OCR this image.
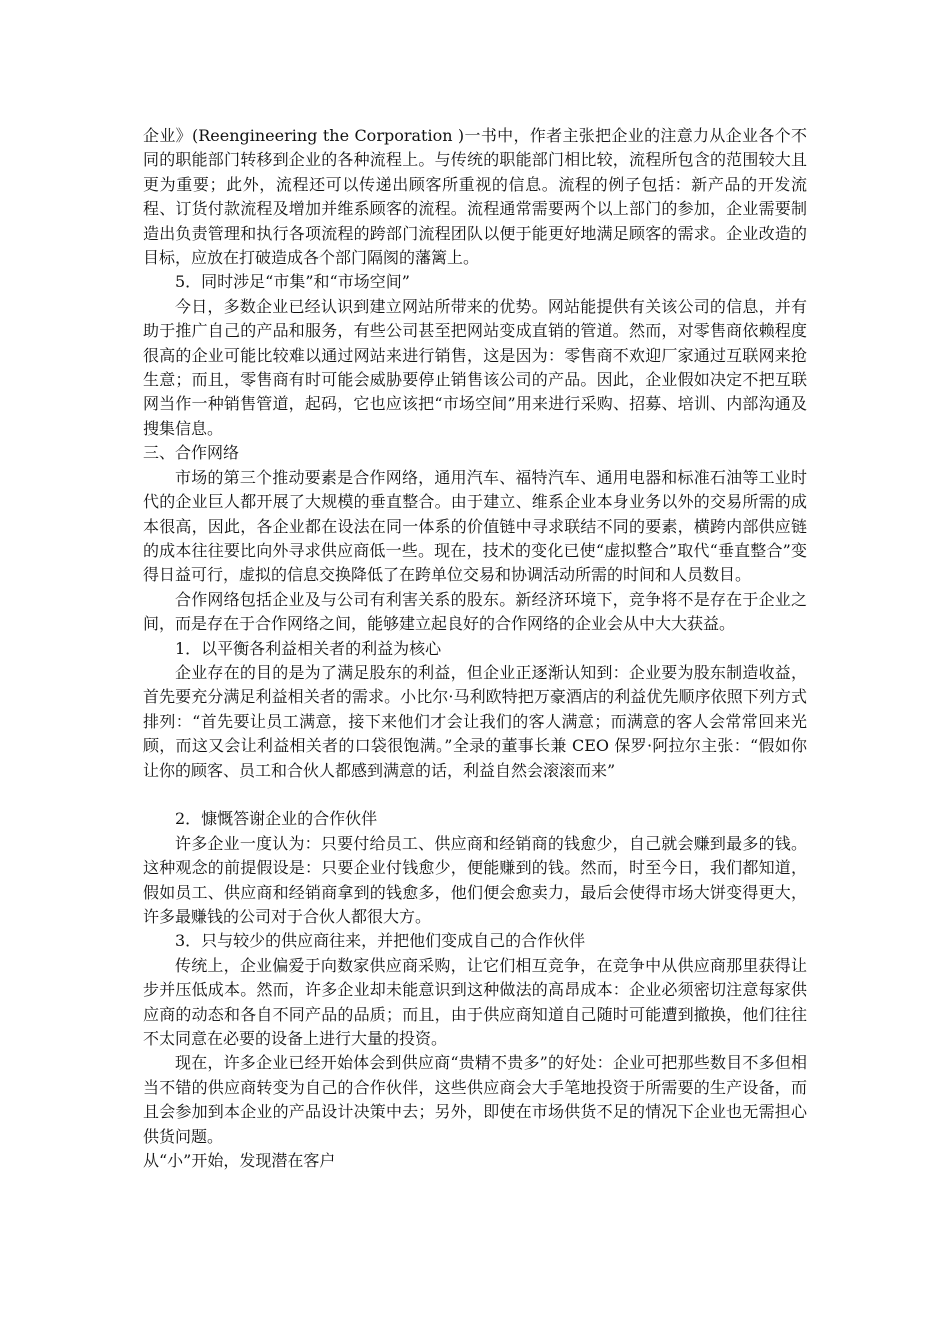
企业》(Reengineering the Corporation )一书中，作者主张把企业的注意力从企业各个不同的职能部门转移到企业的各种流程上。与传统的职能部门相比较，流程所包含的范围较大且更为重要；此外，流程还可以传递出顾客所重视的信息。流程的例子包括：新产品的开发流程、订货付款流程及增加并维系顾客的流程。流程通常需要两个以上部门的参加，企业需要制造出负责管理和执行各项流程的跨部门流程团队以便于能更好地满足顾客的需求。企业改造的目标，应放在打破造成各个部门隔阂的藩篱上。

5．同时涉足“市集”和“市场空间”

今日，多数企业已经认识到建立网站所带来的优势。网站能提供有关该公司的信息，并有助于推广自己的产品和服务，有些公司甚至把网站变成直销的管道。然而，对零售商依赖程度很高的企业可能比较难以通过网站来进行销售，这是因为：零售商不欢迎厂家通过互联网来抢生意；而且，零售商有时可能会威胁要停止销售该公司的产品。因此，企业假如决定不把互联网当作一种销售管道，起码，它也应该把“市场空间”用来进行采购、招募、培训、内部沟通及搜集信息。

三、合作网络

市场的第三个推动要素是合作网络，通用汽车、福特汽车、通用电器和标准石油等工业时代的企业巨人都开展了大规模的垂直整合。由于建立、维系企业本身业务以外的交易所需的成本很高，因此，各企业都在设法在同一体系的价值链中寻求联结不同的要素，横跨内部供应链的成本往往要比向外寻求供应商低一些。现在，技术的变化已使“虚拟整合”取代“垂直整合”变得日益可行，虚拟的信息交换降低了在跨单位交易和协调活动所需的时间和人员数目。

合作网络包括企业及与公司有利害关系的股东。新经济环境下，竞争将不是存在于企业之间，而是存在于合作网络之间，能够建立起良好的合作网络的企业会从中大大获益。

1．以平衡各利益相关者的利益为核心

企业存在的目的是为了满足股东的利益，但企业正逐渐认知到：企业要为股东制造收益，首先要充分满足利益相关者的需求。小比尔·马利欧特把万豪酒店的利益优先顺序依照下列方式排列：“首先要让员工满意，接下来他们才会让我们的客人满意；而满意的客人会常常回来光顾，而这又会让利益相关者的口袋很饱满。”全录的董事长兼 CEO 保罗·阿拉尔主张：“假如你让你的顾客、员工和合伙人都感到满意的话，利益自然会滚滚而来”

2．慷慨答谢企业的合作伙伴

许多企业一度认为：只要付给员工、供应商和经销商的钱愈少，自己就会赚到最多的钱。这种观念的前提假设是：只要企业付钱愈少，便能赚到的钱。然而，时至今日，我们都知道，假如员工、供应商和经销商拿到的钱愈多，他们便会愈卖力，最后会使得市场大饼变得更大，许多最赚钱的公司对于合伙人都很大方。

3．只与较少的供应商往来，并把他们变成自己的合作伙伴

传统上，企业偏爱于向数家供应商采购，让它们相互竞争，在竞争中从供应商那里获得让步并压低成本。然而，许多企业却未能意识到这种做法的高昂成本：企业必须密切注意每家供应商的动态和各自不同产品的品质；而且，由于供应商知道自己随时可能遭到撤换，他们往往不太同意在必要的设备上进行大量的投资。

现在，许多企业已经开始体会到供应商“贵精不贵多”的好处：企业可把那些数目不多但相当不错的供应商转变为自己的合作伙伴，这些供应商会大手笔地投资于所需要的生产设备，而且会参加到本企业的产品设计决策中去；另外，即使在市场供货不足的情况下企业也无需担心供货问题。

从“小”开始，发现潜在客户
